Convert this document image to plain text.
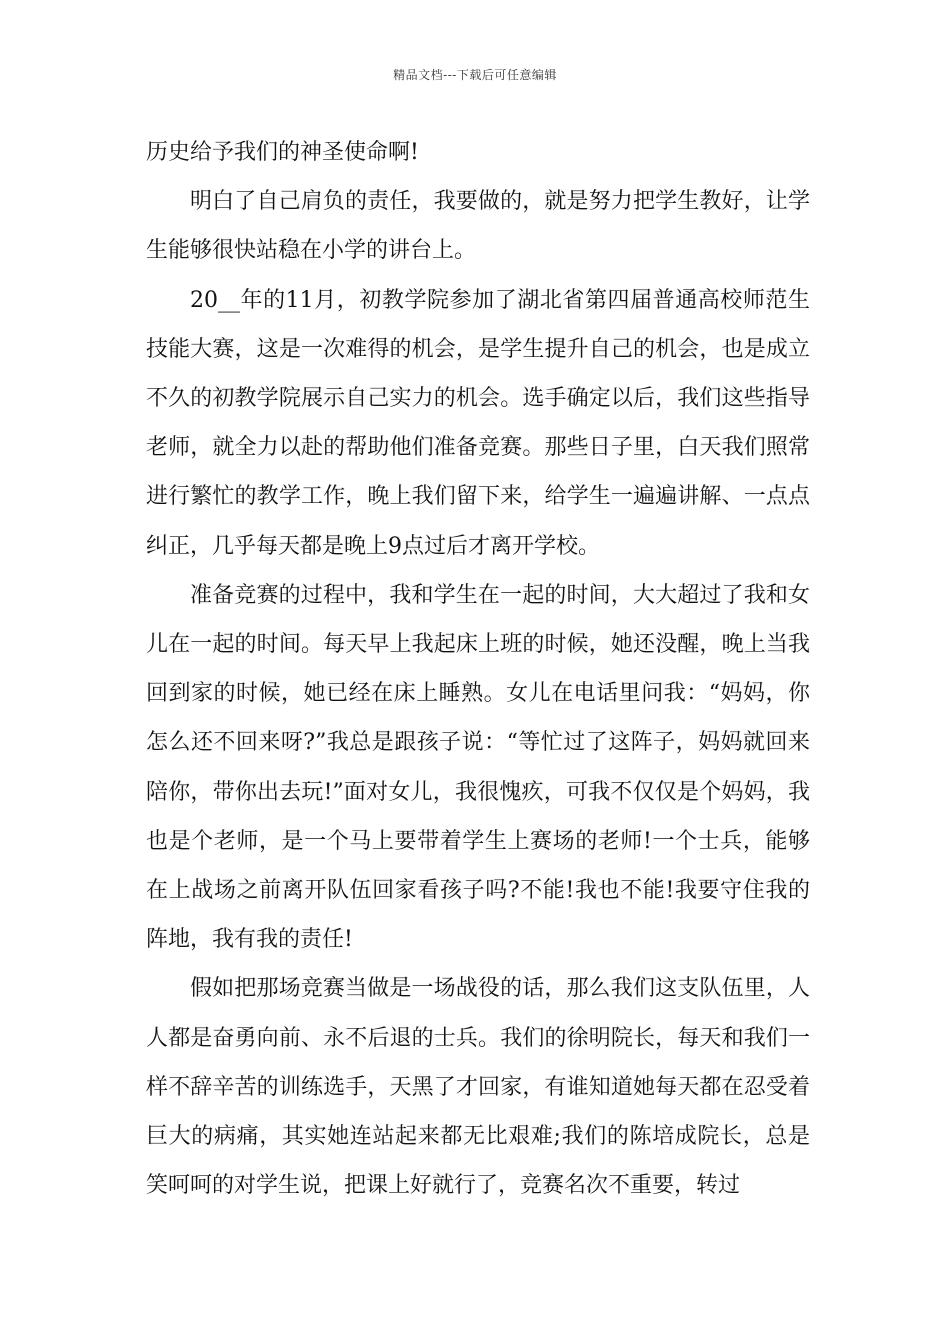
精品文档---下载后可任意编辑

历史给予我们的神圣使命啊!

明白了自己肩负的责任，我要做的，就是努力把学生教好，让学生能够很快站稳在小学的讲台上。

20__年的11月，初教学院参加了湖北省第四届普通高校师范生技能大赛，这是一次难得的机会，是学生提升自己的机会，也是成立不久的初教学院展示自己实力的机会。选手确定以后，我们这些指导老师，就全力以赴的帮助他们准备竞赛。那些日子里，白天我们照常进行繁忙的教学工作，晚上我们留下来，给学生一遍遍讲解、一点点纠正，几乎每天都是晚上9点过后才离开学校。

准备竞赛的过程中，我和学生在一起的时间，大大超过了我和女儿在一起的时间。每天早上我起床上班的时候，她还没醒，晚上当我回到家的时候，她已经在床上睡熟。女儿在电话里问我：“妈妈，你怎么还不回来呀?”我总是跟孩子说：“等忙过了这阵子，妈妈就回来陪你，带你出去玩!”面对女儿，我很愧疚，可我不仅仅是个妈妈，我也是个老师，是一个马上要带着学生上赛场的老师!一个士兵，能够在上战场之前离开队伍回家看孩子吗?不能!我也不能!我要守住我的阵地，我有我的责任!

假如把那场竞赛当做是一场战役的话，那么我们这支队伍里，人人都是奋勇向前、永不后退的士兵。我们的徐明院长，每天和我们一样不辞辛苦的训练选手，天黑了才回家，有谁知道她每天都在忍受着巨大的病痛，其实她连站起来都无比艰难;我们的陈培成院长，总是笑呵呵的对学生说，把课上好就行了，竞赛名次不重要，转过
